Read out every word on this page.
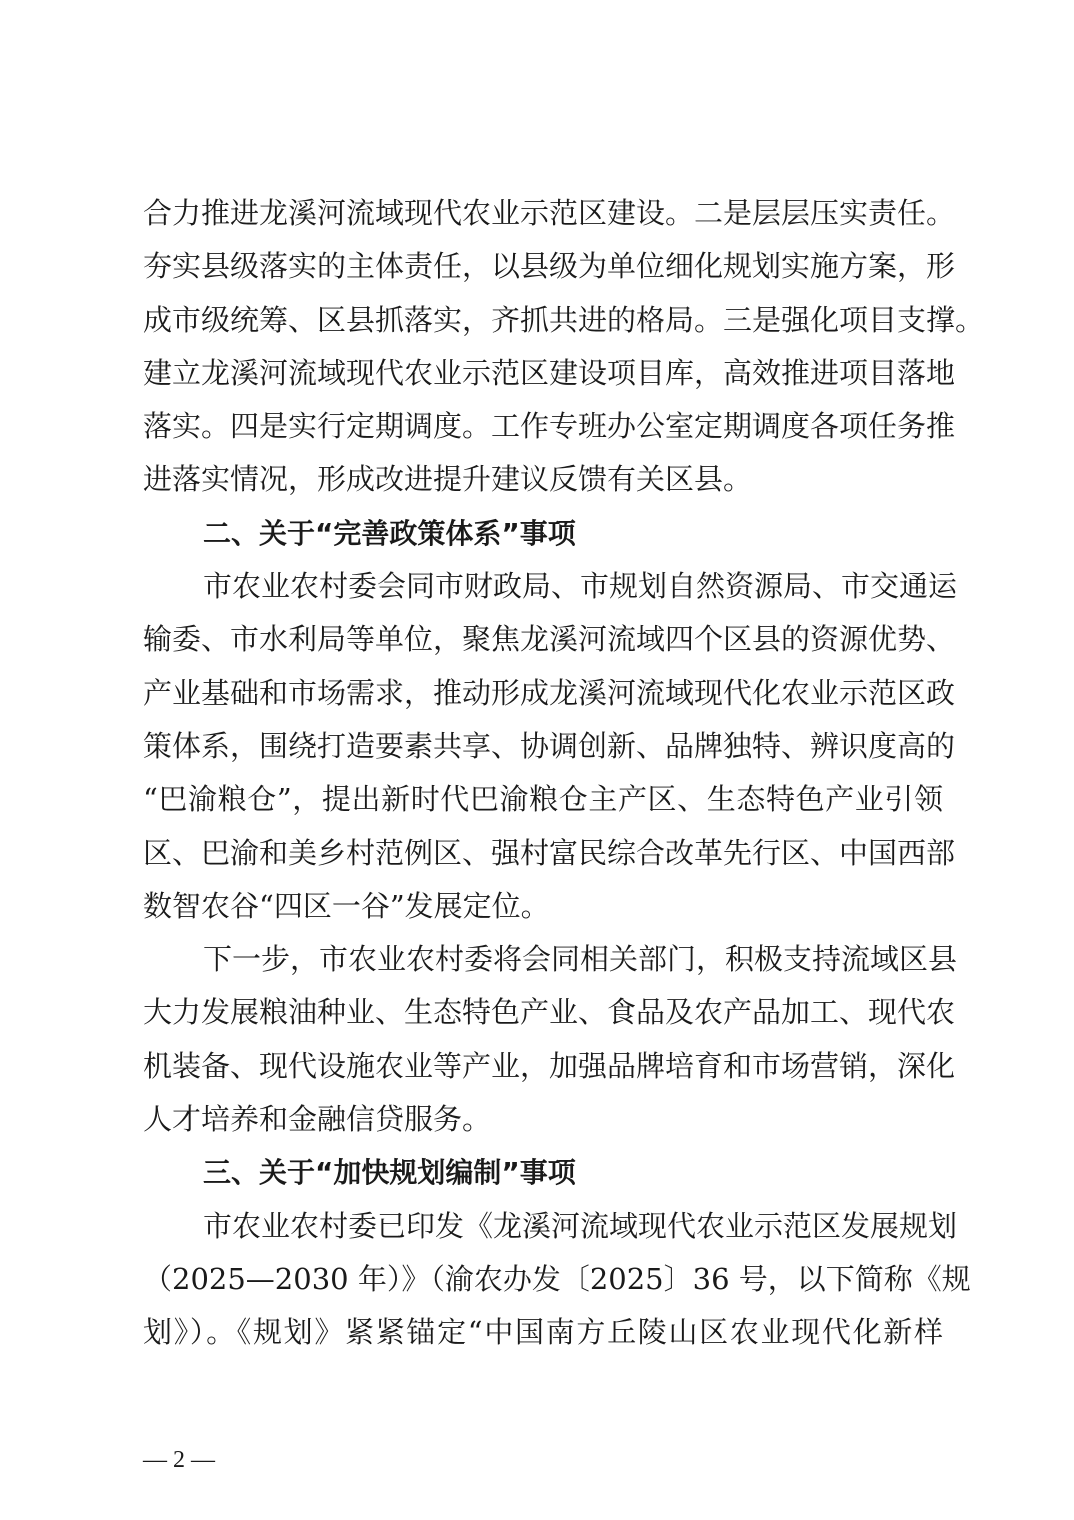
合力推进龙溪河流域现代农业示范区建设。二是层层压实责任。
夯实县级落实的主体责任，以县级为单位细化规划实施方案，形
成市级统筹、区县抓落实，齐抓共进的格局。三是强化项目支撑。
建立龙溪河流域现代农业示范区建设项目库，高效推进项目落地
落实。四是实行定期调度。工作专班办公室定期调度各项任务推
进落实情况，形成改进提升建议反馈有关区县。
二、关于“完善政策体系”事项
市农业农村委会同市财政局、市规划自然资源局、市交通运
输委、市水利局等单位，聚焦龙溪河流域四个区县的资源优势、
产业基础和市场需求，推动形成龙溪河流域现代化农业示范区政
策体系，围绕打造要素共享、协调创新、品牌独特、辨识度高的
“巴渝粮仓”，提出新时代巴渝粮仓主产区、生态特色产业引领
区、巴渝和美乡村范例区、强村富民综合改革先行区、中国西部
数智农谷“四区一谷”发展定位。
下一步，市农业农村委将会同相关部门，积极支持流域区县
大力发展粮油种业、生态特色产业、食品及农产品加工、现代农
机装备、现代设施农业等产业，加强品牌培育和市场营销，深化
人才培养和金融信贷服务。
三、关于“加快规划编制”事项
市农业农村委已印发《龙溪河流域现代农业示范区发展规划
（2025—2030 年）》（渝农办发〔2025〕36 号，以下简称《规
划》）。《规划》紧紧锚定“中国南方丘陵山区农业现代化新样
— 2 —
